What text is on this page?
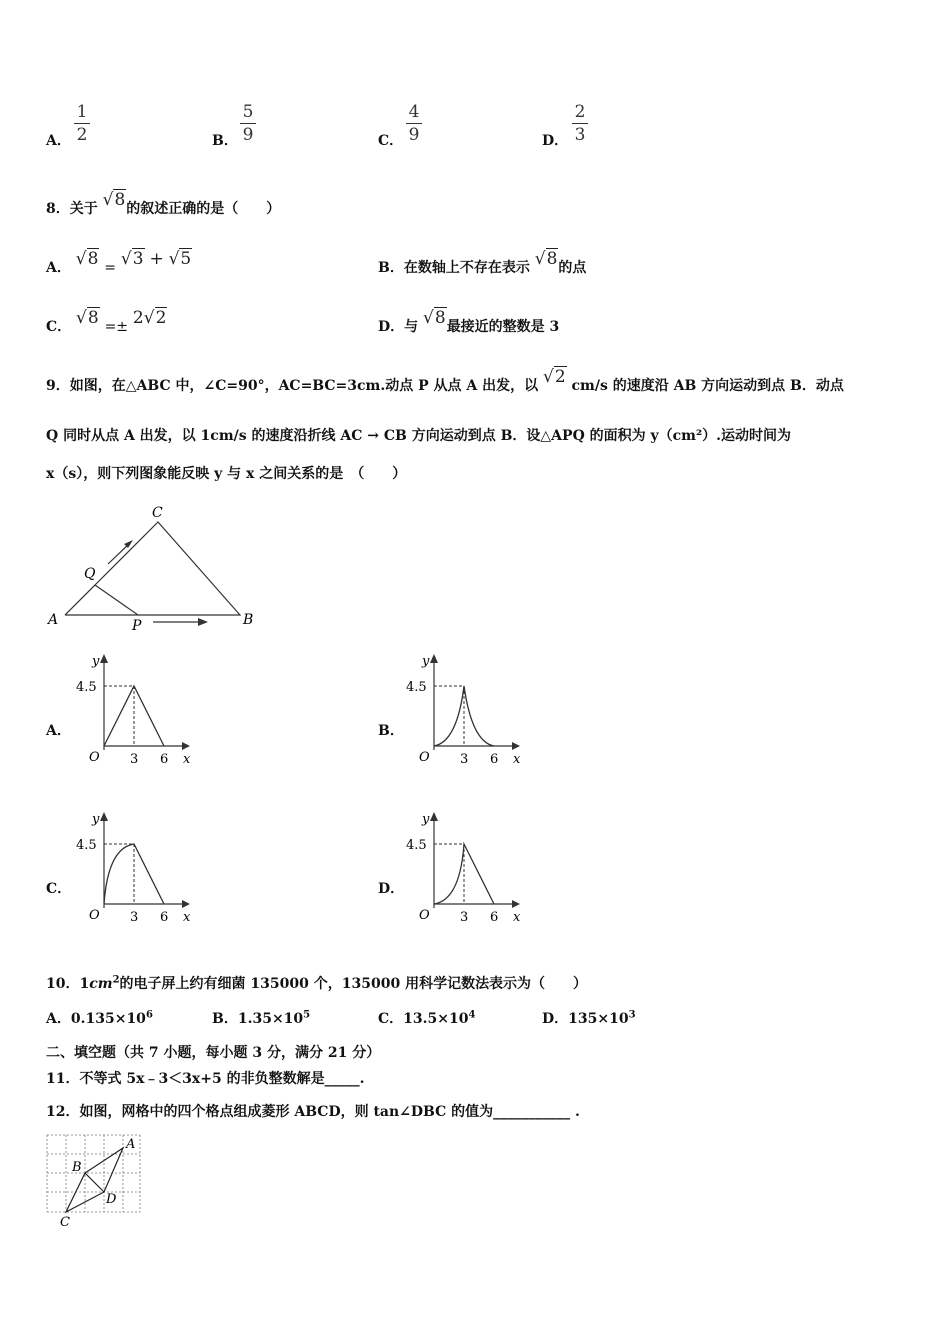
A．
1
2	B．
5
9	C．
4
9	D．
2
3
8．关于 √8的叙述正确的是（　　）
A． √8 = √3 + √5	B．在数轴上不存在表示 √8的点
C． √8 =± 2√2	D．与 √8最接近的整数是 3
9．如图，在△ABC 中，∠C=90°，AC=BC=3cm.动点 P 从点 A 出发，以 √2 cm/s 的速度沿 AB 方向运动到点 B．动点
Q 同时从点 A 出发，以 1cm/s 的速度沿折线 AC → CB 方向运动到点 B．设△APQ 的面积为 y（cm²）.运动时间为
x（s），则下列图象能反映 y 与 x 之间关系的是　（　　）
C
Q
A	P	B
A．	B．
C．	D．
y
4.5
O 3 6 x
y
4.5
O 3 6 x
y
4.5
O 3 6 x
y
4.5
O 3 6 x
10．$1cm^2$的电子屏上约有细菌 135000 个，135000 用科学记数法表示为（　　）
A．$0.135\times 10^6$	B．$1.35\times 10^5$	C．$13.5\times 10^4$	D．$135\times 10^3$
二、填空题（共 7 小题，每小题 3 分，满分 21 分）
11．不等式 5x﹣3＜3x+5 的非负整数解是_____.
12．如图，网格中的四个格点组成菱形 ABCD，则 tan∠DBC 的值为___________ .
A
B
D
C
